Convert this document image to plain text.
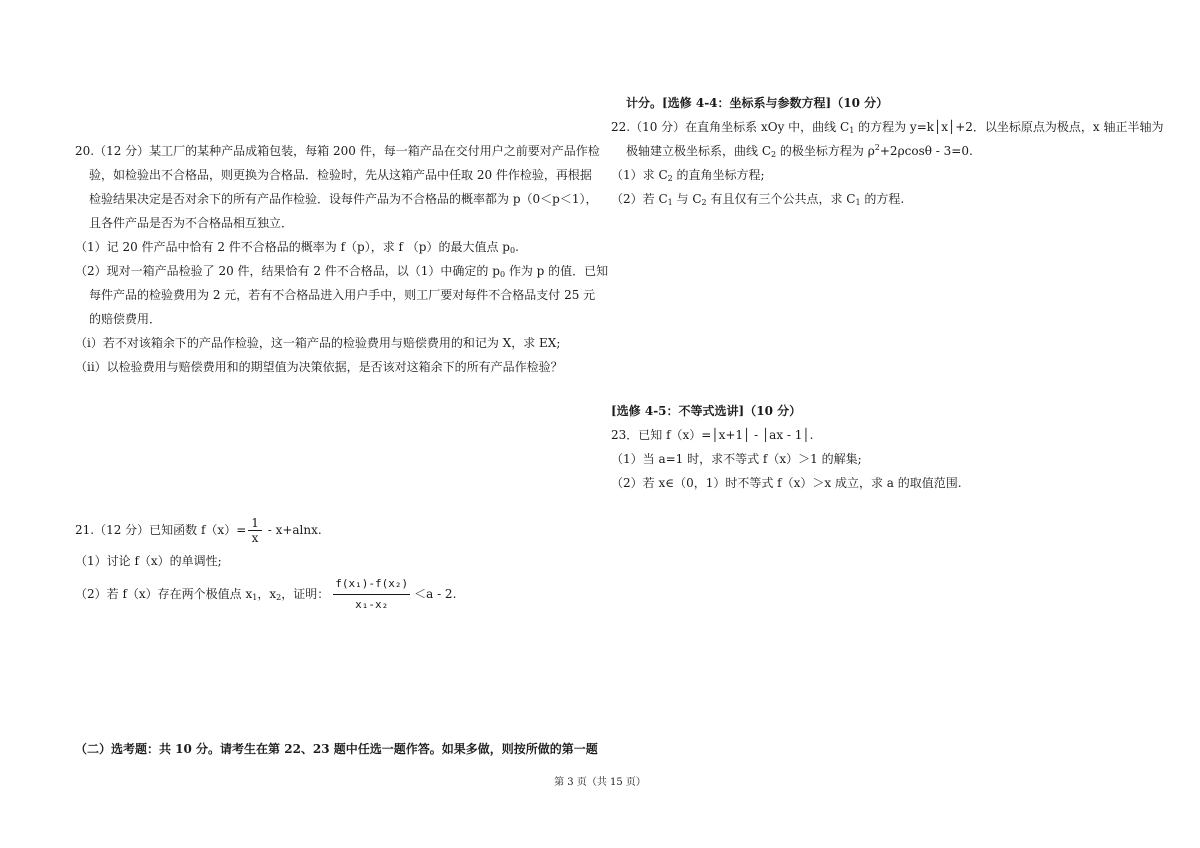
20.（12 分）某工厂的某种产品成箱包装，每箱 200 件，每一箱产品在交付用户之前要对产品作检
验，如检验出不合格品，则更换为合格品．检验时，先从这箱产品中任取 20 件作检验，再根据
检验结果决定是否对余下的所有产品作检验．设每件产品为不合格品的概率都为 p（0＜p＜1），
且各件产品是否为不合格品相互独立．
（1）记 20 件产品中恰有 2 件不合格品的概率为 f（p），求 f （p）的最大值点 $p_0$.
（2）现对一箱产品检验了 20 件，结果恰有 2 件不合格品，以（1）中确定的 $p_0$ 作为 p 的值．已知
每件产品的检验费用为 2 元，若有不合格品进入用户手中，则工厂要对每件不合格品支付 25 元
的赔偿费用．
（i）若不对该箱余下的产品作检验，这一箱产品的检验费用与赔偿费用的和记为 X，求 EX;
（ii）以检验费用与赔偿费用和的期望值为决策依据，是否该对这箱余下的所有产品作检验？
21.（12 分）已知函数 $f(x)= \frac{1}{x} - x+alnx$.
（1）讨论 f（x）的单调性;
（2）若 f（x）存在两个极值点 $x_1$，$x_2$，证明： $\frac{\text{f(x₁)-f(x₂)}}{\text{x₁-x₂}} <a - 2$.
（二）选考题：共 10 分。请考生在第 22、23 题中任选一题作答。如果多做，则按所做的第一题
计分。[选修 4-4：坐标系与参数方程]（10 分）
22.（10 分）在直角坐标系 xOy 中，曲线 $C_1$ 的方程为 y=k│x│+2．以坐标原点为极点，x 轴正半轴为
极轴建立极坐标系，曲线 $C_2$ 的极坐标方程为 $\rho^2+2\rho\cos\theta - 3=0$.
（1）求 $C_2$ 的直角坐标方程;
（2）若 $C_1$ 与 $C_2$ 有且仅有三个公共点，求 $C_1$ 的方程.
[选修 4-5：不等式选讲]（10 分）
23．已知 f（x）=│x+1│ - │ax - 1│.
（1）当 a=1 时，求不等式 f（x）＞1 的解集;
（2）若 x∈（0，1）时不等式 f（x）＞x 成立，求 a 的取值范围.
第 3 页（共 15 页）
